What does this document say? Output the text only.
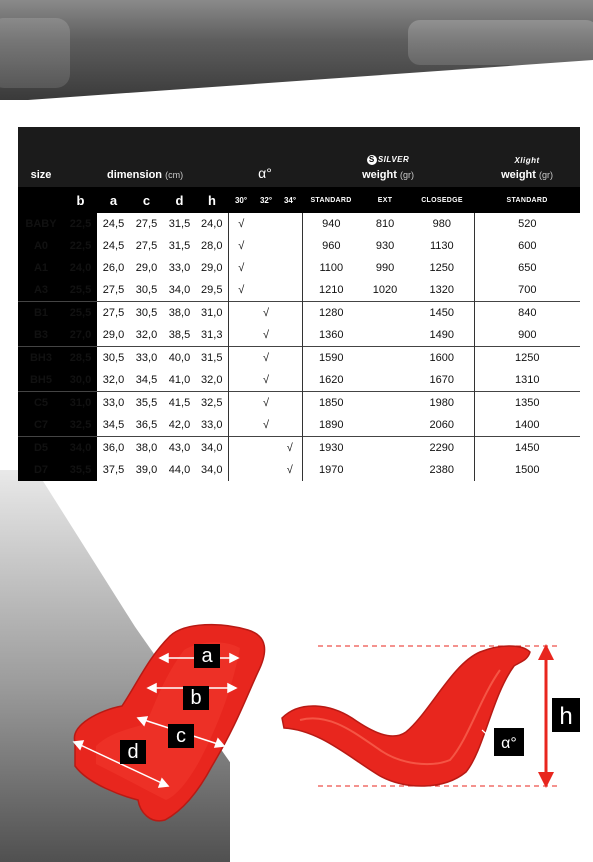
size		dimension (cm)				α°			S SILVER
weight (gr)			Xlight
weight (gr)
	b	a	c	d	h	30°	32°	34°	STANDARD	EXT	CLOSEDGE	STANDARD
BABY	22,5	24,5	27,5	31,5	24,0	√			940	810	980	520
A0	22,5	24,5	27,5	31,5	28,0	√			960	930	1130	600
A1	24,0	26,0	29,0	33,0	29,0	√			1100	990	1250	650
A3	25,5	27,5	30,5	34,0	29,5	√			1210	1020	1320	700
B1	25,5	27,5	30,5	38,0	31,0		√		1280		1450	840
B3	27,0	29,0	32,0	38,5	31,3		√		1360		1490	900
BH3	28,5	30,5	33,0	40,0	31,5		√		1590		1600	1250
BH5	30,0	32,0	34,5	41,0	32,0		√		1620		1670	1310
C5	31,0	33,0	35,5	41,5	32,5		√		1850		1980	1350
C7	32,5	34,5	36,5	42,0	33,0		√		1890		2060	1400
D5	34,0	36,0	38,0	43,0	34,0			√	1930		2290	1450
D7	35,5	37,5	39,0	44,0	34,0			√	1970		2380	1500
a
b
c
d
h
α°
